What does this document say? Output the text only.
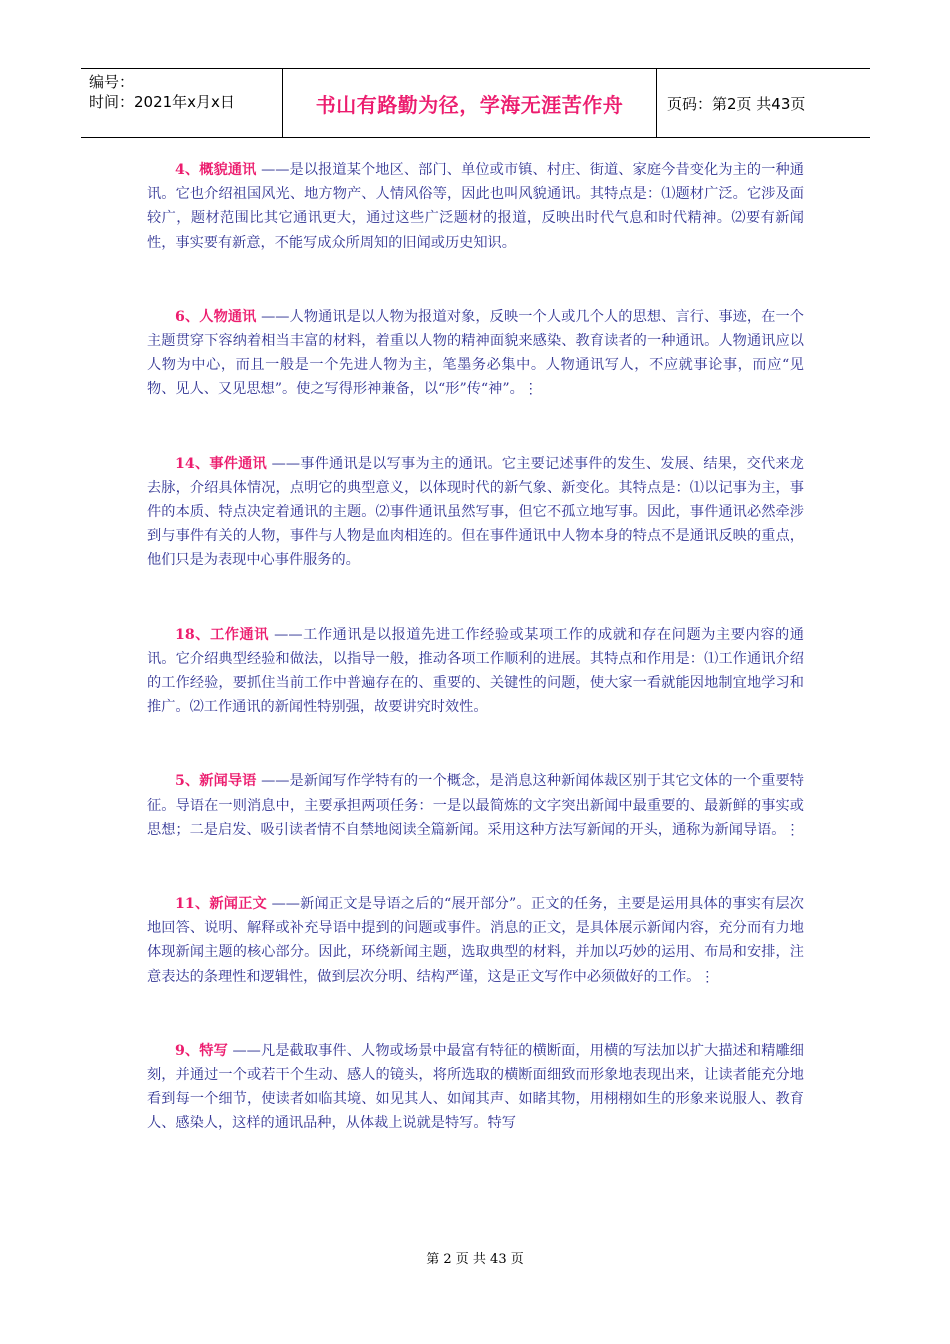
编号：
时间：2021年x月x日	书山有路勤为径，学海无涯苦作舟	页码：第2页 共43页

4、概貌通讯 ——是以报道某个地区、部门、单位或市镇、村庄、街道、家庭今昔变化为主的一种通讯。它也介绍祖国风光、地方物产、人情风俗等，因此也叫风貌通讯。其特点是：⑴题材广泛。它涉及面较广，题材范围比其它通讯更大，通过这些广泛题材的报道，反映出时代气息和时代精神。⑵要有新闻性，事实要有新意，不能写成众所周知的旧闻或历史知识。

6、人物通讯 ——人物通讯是以人物为报道对象，反映一个人或几个人的思想、言行、事迹，在一个主题贯穿下容纳着相当丰富的材料，着重以人物的精神面貌来感染、教育读者的一种通讯。人物通讯应以人物为中心，而且一般是一个先进人物为主，笔墨务必集中。人物通讯写人，不应就事论事，而应“见物、见人、又见思想”。使之写得形神兼备，以“形”传“神”。⋮

14、事件通讯 ——事件通讯是以写事为主的通讯。它主要记述事件的发生、发展、结果，交代来龙去脉，介绍具体情况，点明它的典型意义，以体现时代的新气象、新变化。其特点是：⑴以记事为主，事件的本质、特点决定着通讯的主题。⑵事件通讯虽然写事，但它不孤立地写事。因此，事件通讯必然牵涉到与事件有关的人物，事件与人物是血肉相连的。但在事件通讯中人物本身的特点不是通讯反映的重点，他们只是为表现中心事件服务的。

18、工作通讯 ——工作通讯是以报道先进工作经验或某项工作的成就和存在问题为主要内容的通讯。它介绍典型经验和做法，以指导一般，推动各项工作顺利的进展。其特点和作用是：⑴工作通讯介绍的工作经验，要抓住当前工作中普遍存在的、重要的、关键性的问题，使大家一看就能因地制宜地学习和推广。⑵工作通讯的新闻性特别强，故要讲究时效性。

5、新闻导语 ——是新闻写作学特有的一个概念，是消息这种新闻体裁区别于其它文体的一个重要特征。导语在一则消息中，主要承担两项任务：一是以最简炼的文字突出新闻中最重要的、最新鲜的事实或思想；二是启发、吸引读者情不自禁地阅读全篇新闻。采用这种方法写新闻的开头，通称为新闻导语。⋮

11、新闻正文 ——新闻正文是导语之后的“展开部分”。正文的任务，主要是运用具体的事实有层次地回答、说明、解释或补充导语中提到的问题或事件。消息的正文，是具体展示新闻内容，充分而有力地体现新闻主题的核心部分。因此，环绕新闻主题，选取典型的材料，并加以巧妙的运用、布局和安排，注意表达的条理性和逻辑性，做到层次分明、结构严谨，这是正文写作中必须做好的工作。⋮

9、特写 ——凡是截取事件、人物或场景中最富有特征的横断面，用横的写法加以扩大描述和精雕细刻，并通过一个或若干个生动、感人的镜头，将所选取的横断面细致而形象地表现出来，让读者能充分地看到每一个细节，使读者如临其境、如见其人、如闻其声、如睹其物，用栩栩如生的形象来说服人、教育人、感染人，这样的通讯品种，从体裁上说就是特写。特写

第 2 页 共 43 页
